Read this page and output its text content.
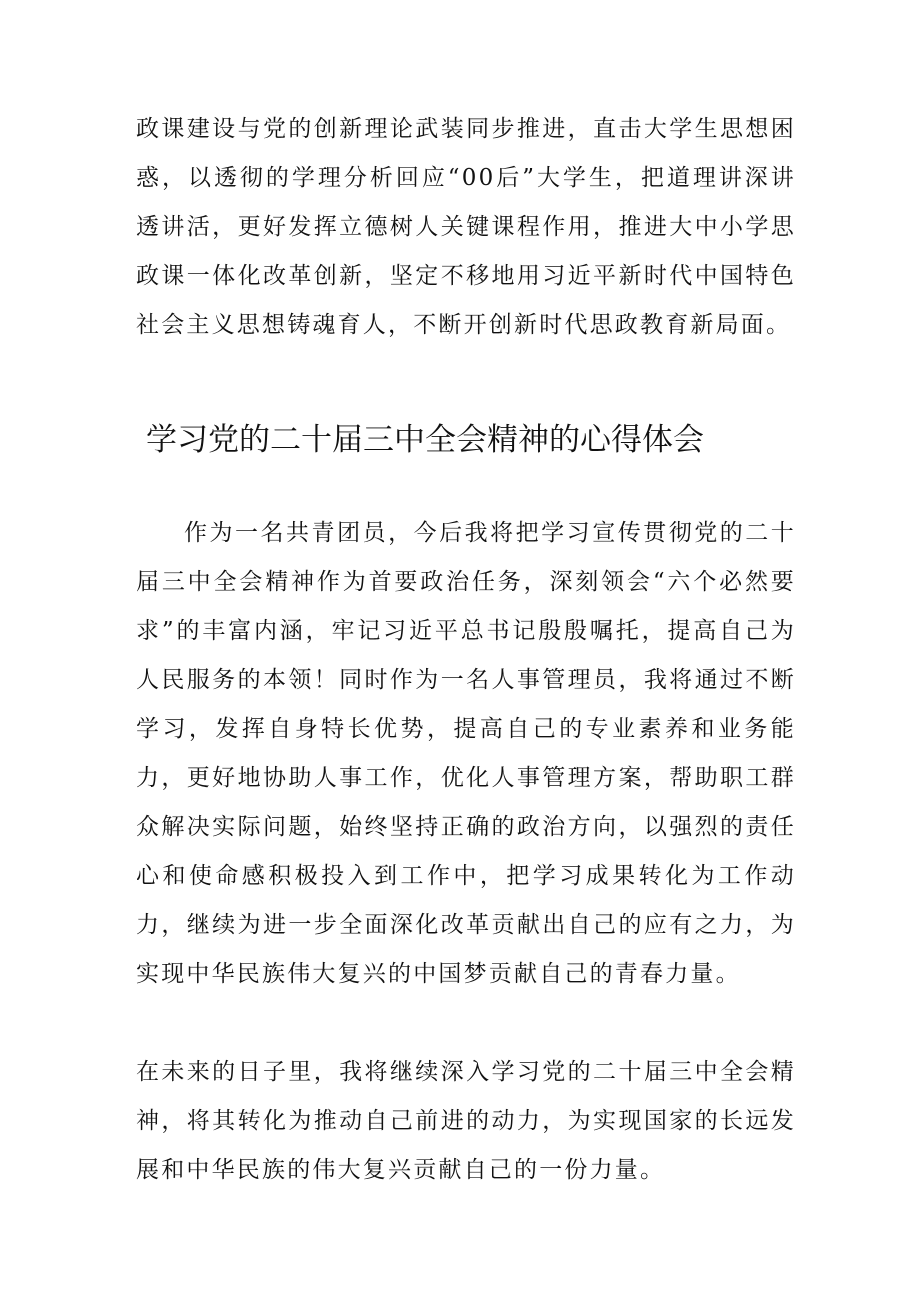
政课建设与党的创新理论武装同步推进，直击大学生思想困惑，以透彻的学理分析回应“00后”大学生，把道理讲深讲透讲活，更好发挥立德树人关键课程作用，推进大中小学思政课一体化改革创新，坚定不移地用习近平新时代中国特色社会主义思想铸魂育人，不断开创新时代思政教育新局面。

学习党的二十届三中全会精神的心得体会

作为一名共青团员，今后我将把学习宣传贯彻党的二十届三中全会精神作为首要政治任务，深刻领会“六个必然要求”的丰富内涵，牢记习近平总书记殷殷嘱托，提高自己为人民服务的本领！同时作为一名人事管理员，我将通过不断学习，发挥自身特长优势，提高自己的专业素养和业务能力，更好地协助人事工作，优化人事管理方案，帮助职工群众解决实际问题，始终坚持正确的政治方向，以强烈的责任心和使命感积极投入到工作中，把学习成果转化为工作动力，继续为进一步全面深化改革贡献出自己的应有之力，为实现中华民族伟大复兴的中国梦贡献自己的青春力量。

在未来的日子里，我将继续深入学习党的二十届三中全会精神，将其转化为推动自己前进的动力，为实现国家的长远发展和中华民族的伟大复兴贡献自己的一份力量。
